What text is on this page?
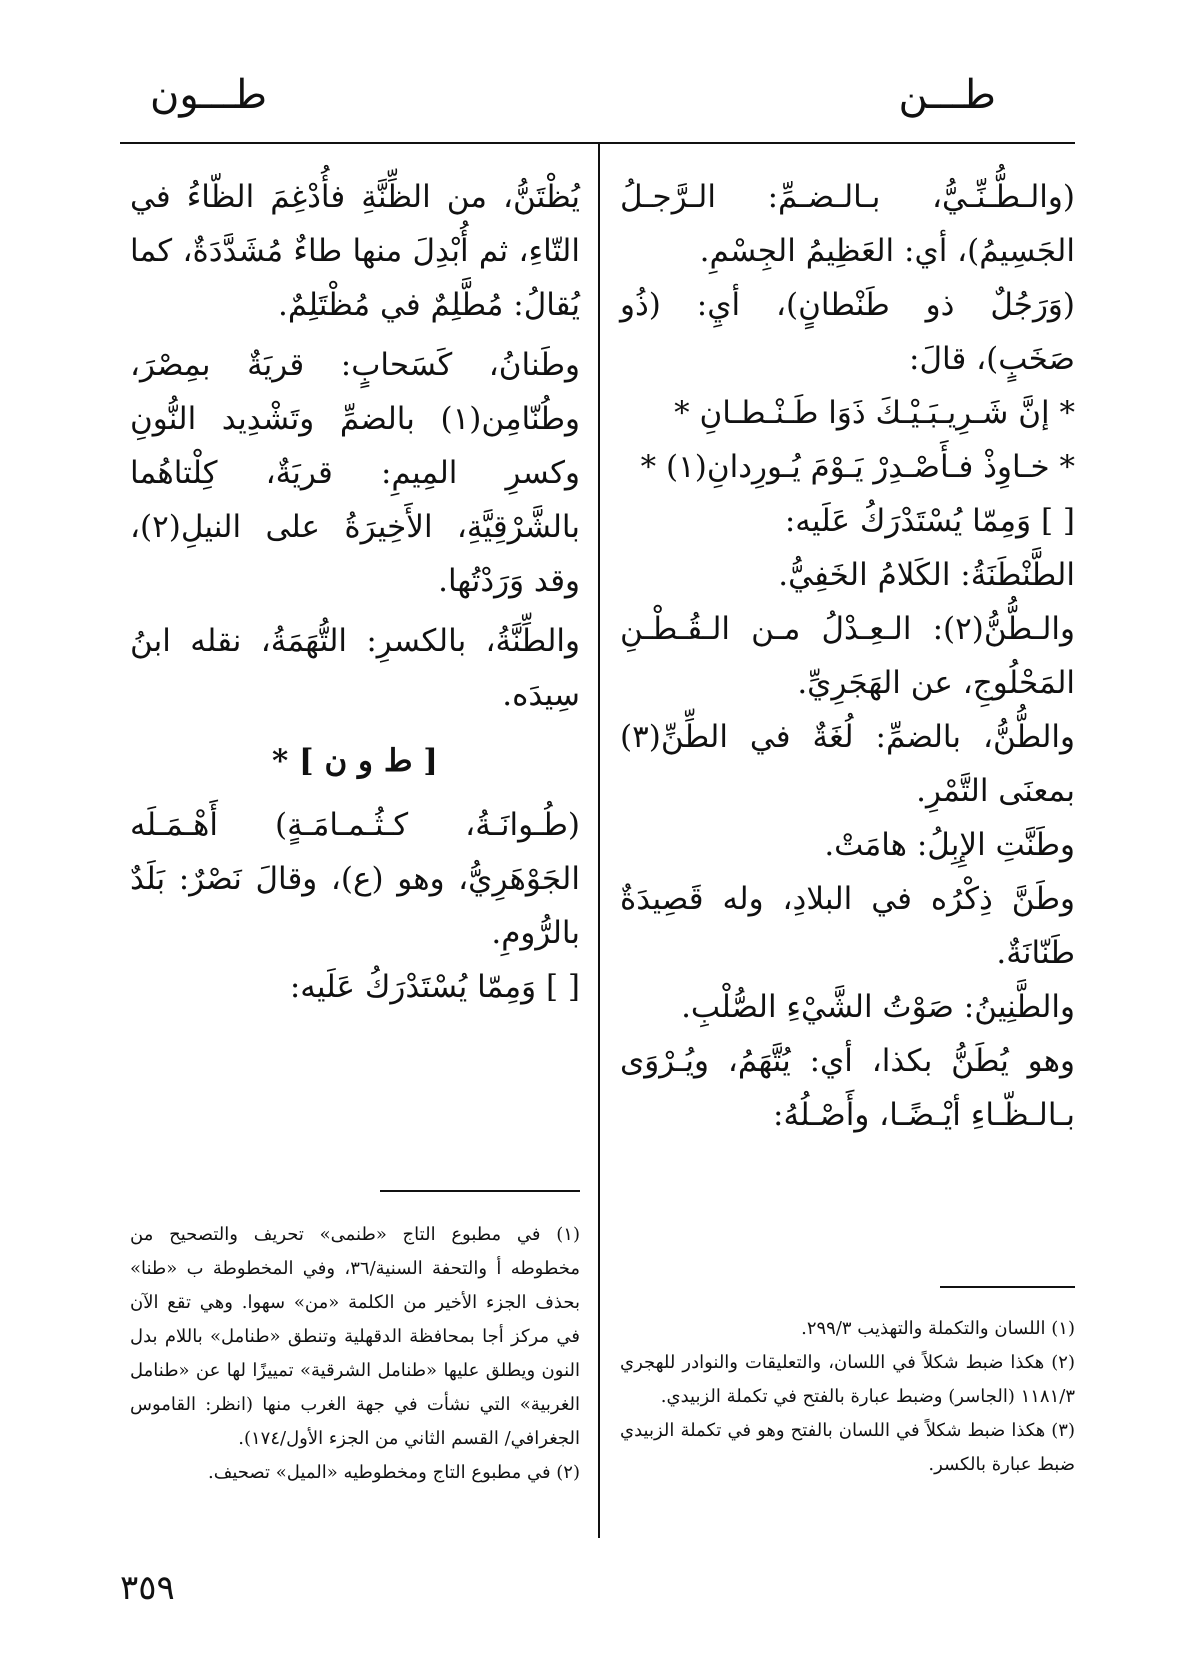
طـــن
طـــون

(والـطُّـنِّـيُّ، بـالـضـمِّ: الـرَّجـلُ الجَسِيمُ)، أي: العَظِيمُ الجِسْمِ.

(وَرَجُلٌ ذو طَنْطانٍ)، أيِ: (ذُو صَخَبٍ)، قالَ:

* إنَّ شَـرِيـبَـيْـكَ ذَوَا طَـنْـطـانِ *

* خـاوِذْ فـأَصْـدِرْ يَـوْمَ يُـورِدانِ(١) *

[ ] وَمِمّا يُسْتَدْرَكُ عَلَيه:

الطَّنْطَنَةُ: الكَلامُ الخَفِيُّ.

والـطُّنُّ(٢): الـعِـدْلُ مـن الـقُـطْـنِ المَحْلُوجِ، عن الهَجَرِيِّ.

والطُّنُّ، بالضمِّ: لُغَةٌ في الطِّنِّ(٣) بمعنَى التَّمْرِ.

وطَنَّتِ الإِبِلُ: هامَتْ.

وطَنَّ ذِكْرُه في البلادِ، وله قَصِيدَةٌ طَنّانَةٌ.

والطَّنِينُ: صَوْتُ الشَّيْءِ الصُّلْبِ.

وهو يُطَنُّ بكذا، أي: يُتَّهَمُ، ويُـرْوَى بـالـظّـاءِ أيْـضًـا، وأَصْـلُهُ:

(١) اللسان والتكملة والتهذيب ٢٩٩/٣.

(٢) هكذا ضبط شكلاً في اللسان، والتعليقات والنوادر للهجري ١١٨١/٣ (الجاسر) وضبط عبارة بالفتح في تكملة الزبيدي.

(٣) هكذا ضبط شكلاً في اللسان بالفتح وهو في تكملة الزبيدي ضبط عبارة بالكسر.

يُظْتَنُّ، من الظِّنَّةِ فأُدْغِمَ الظّاءُ في التّاءِ، ثم أُبْدِلَ منها طاءٌ مُشَدَّدَةٌ، كما يُقالُ: مُطَّلِمٌ في مُظْتَلِمٌ.

وطَنانُ، كَسَحابٍ: قريَةٌ بمِصْرَ، وطُنّامِن(١) بالضمِّ وتَشْدِيد النُّونِ وكسرِ المِيمِ: قريَةٌ، كِلْتاهُما بالشَّرْقِيَّةِ، الأَخِيرَةُ على النيلِ(٢)، وقد وَرَدْتُها.

والطِّنَّةُ، بالكسرِ: التُّهَمَةُ، نقله ابنُ سِيدَه.

[ ط و ن ] *

(طُـوانَـةُ، كـثُـمـامَـةٍ) أَهْـمَـلَه الجَوْهَرِيُّ، وهو (ع)، وقالَ نَصْرٌ: بَلَدٌ بالرُّومِ.

[ ] وَمِمّا يُسْتَدْرَكُ عَلَيه:

(١) في مطبوع التاج «طنمى» تحريف والتصحيح من مخطوطه أ والتحفة السنية/٣٦، وفي المخطوطة ب «طنا» بحذف الجزء الأخير من الكلمة «من» سهوا. وهي تقع الآن في مركز أجا بمحافظة الدقهلية وتنطق «طنامل» باللام بدل النون ويطلق عليها «طنامل الشرقية» تمييزًا لها عن «طنامل الغربية» التي نشأت في جهة الغرب منها (انظر: القاموس الجغرافي/ القسم الثاني من الجزء الأول/١٧٤).

(٢) في مطبوع التاج ومخطوطيه «الميل» تصحيف.

٣٥٩
